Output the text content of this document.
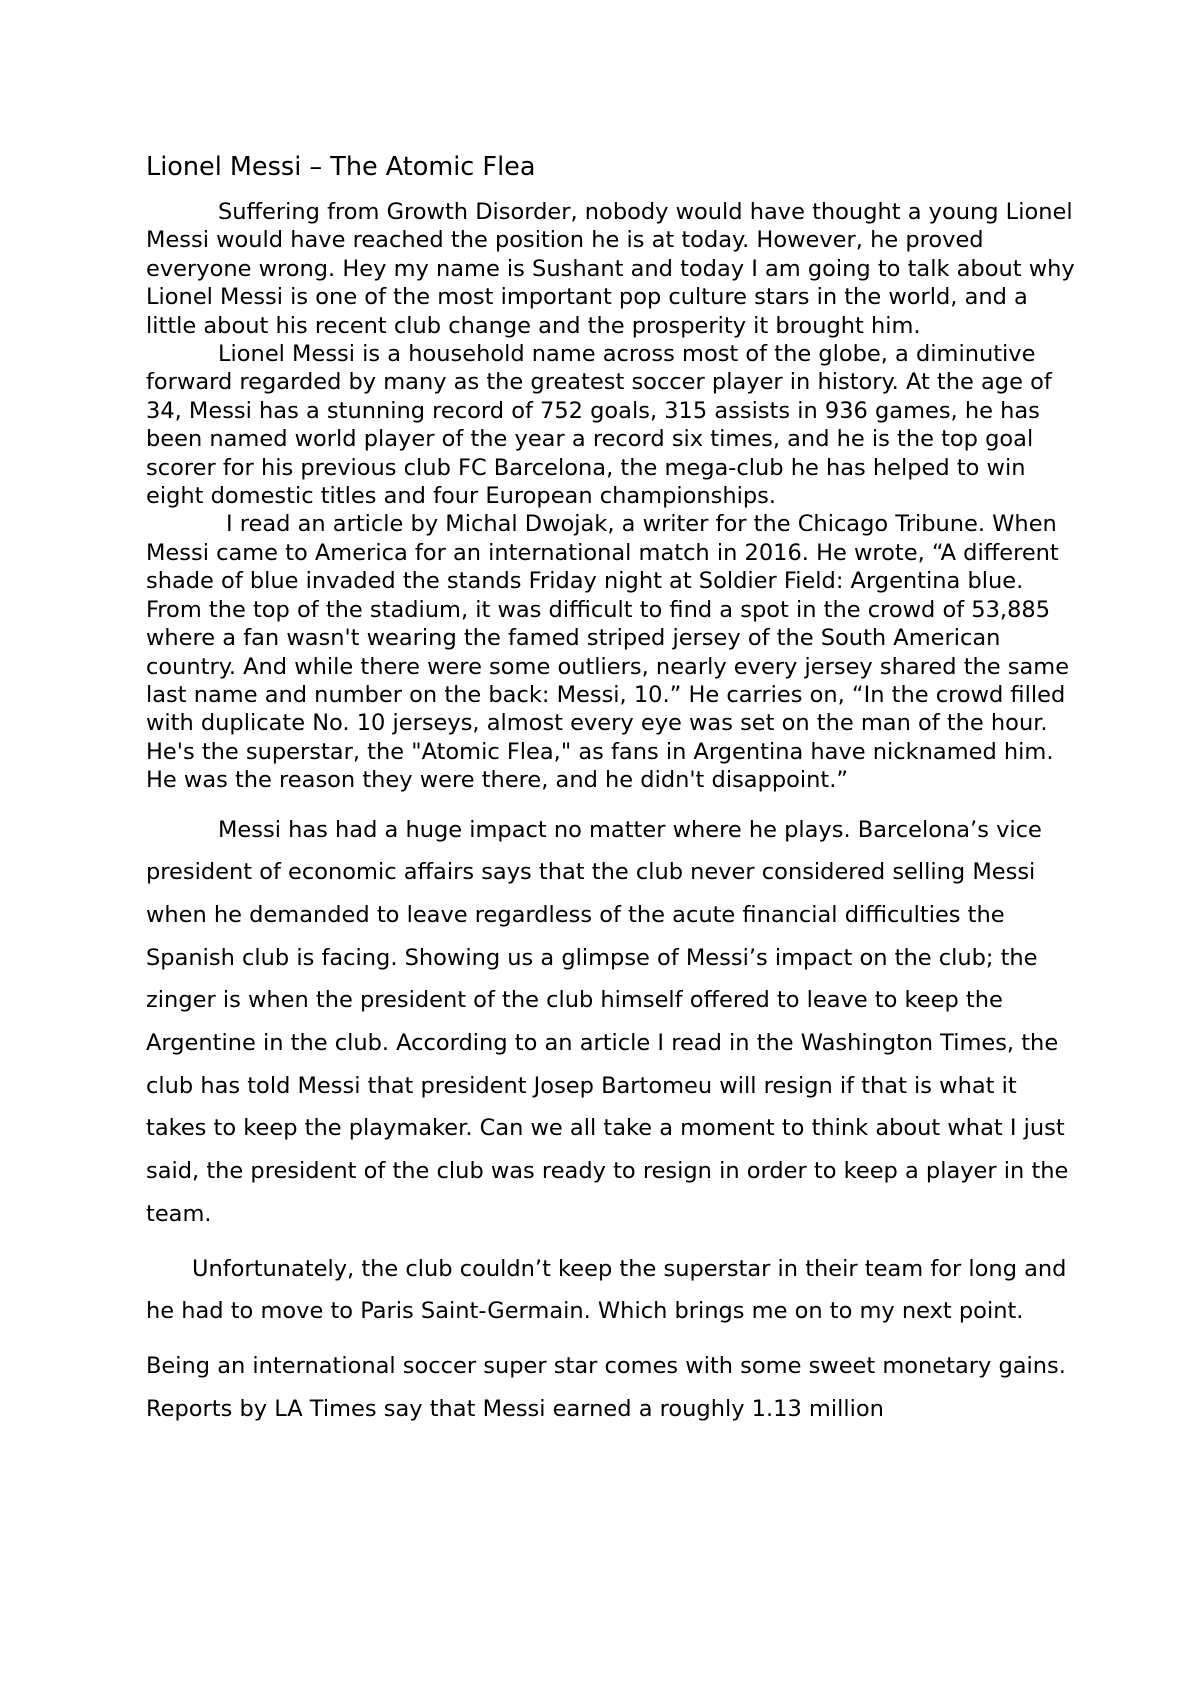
Lionel Messi – The Atomic Flea

Suffering from Growth Disorder, nobody would have thought a young Lionel Messi would have reached the position he is at today. However, he proved everyone wrong. Hey my name is Sushant and today I am going to talk about why Lionel Messi is one of the most important pop culture stars in the world, and a little about his recent club change and the prosperity it brought him.

Lionel Messi is a household name across most of the globe, a diminutive forward regarded by many as the greatest soccer player in history. At the age of 34, Messi has a stunning record of 752 goals, 315 assists in 936 games, he has been named world player of the year a record six times, and he is the top goal scorer for his previous club FC Barcelona, the mega-club he has helped to win eight domestic titles and four European championships.

I read an article by Michal Dwojak, a writer for the Chicago Tribune. When Messi came to America for an international match in 2016. He wrote, “A different shade of blue invaded the stands Friday night at Soldier Field: Argentina blue. From the top of the stadium, it was difficult to find a spot in the crowd of 53,885 where a fan wasn't wearing the famed striped jersey of the South American country. And while there were some outliers, nearly every jersey shared the same last name and number on the back: Messi, 10.” He carries on, “In the crowd filled with duplicate No. 10 jerseys, almost every eye was set on the man of the hour. He's the superstar, the "Atomic Flea," as fans in Argentina have nicknamed him. He was the reason they were there, and he didn't disappoint.”

Messi has had a huge impact no matter where he plays. Barcelona’s vice president of economic affairs says that the club never considered selling Messi when he demanded to leave regardless of the acute financial difficulties the Spanish club is facing. Showing us a glimpse of Messi’s impact on the club; the zinger is when the president of the club himself offered to leave to keep the Argentine in the club. According to an article I read in the Washington Times, the club has told Messi that president Josep Bartomeu will resign if that is what it takes to keep the playmaker. Can we all take a moment to think about what I just said, the president of the club was ready to resign in order to keep a player in the team.

Unfortunately, the club couldn’t keep the superstar in their team for long and he had to move to Paris Saint-Germain. Which brings me on to my next point.

Being an international soccer super star comes with some sweet monetary gains. Reports by LA Times say that Messi earned a roughly 1.13 million
